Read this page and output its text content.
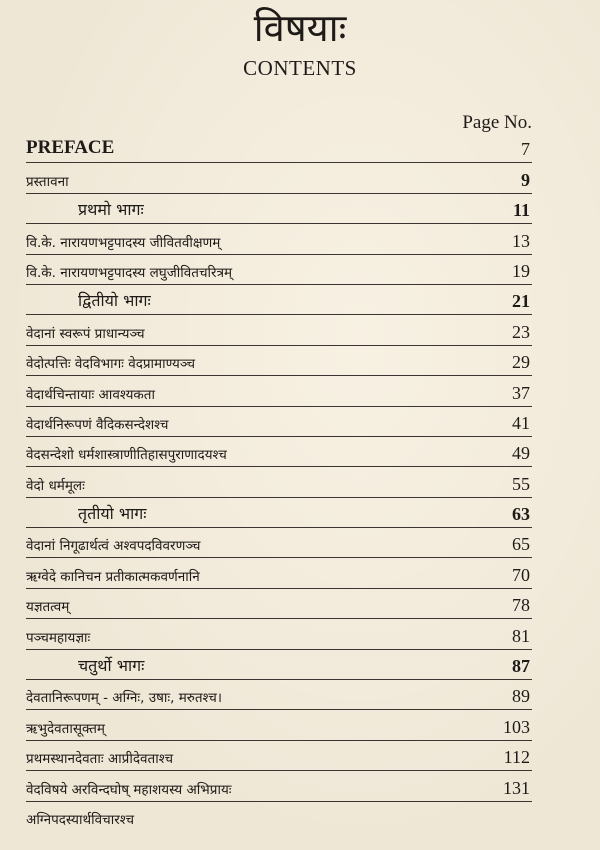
विषयाः
CONTENTS
Page No.
PREFACE	7
प्रस्तावना	9
प्रथमो भागः	11
वि.के. नारायणभट्टपादस्य जीवितवीक्षणम्	13
वि.के. नारायणभट्टपादस्य लघुजीवितचरित्रम्	19
द्वितीयो भागः	21
वेदानां स्वरूपं प्राधान्यञ्च	23
वेदोत्पत्तिः वेदविभागः वेदप्रामाण्यञ्च	29
वेदार्थचिन्तायाः आवश्यकता	37
वेदार्थनिरूपणं वैदिकसन्देशश्च	41
वेदसन्देशो धर्मशास्त्राणीतिहासपुराणादयश्च	49
वेदो धर्ममूलः	55
तृतीयो भागः	63
वेदानां निगूढार्थत्वं अश्वपदविवरणञ्च	65
ऋग्वेदे कानिचन प्रतीकात्मकवर्णनानि	70
यज्ञतत्वम्	78
पञ्चमहायज्ञाः	81
चतुर्थो भागः	87
देवतानिरूपणम् - अग्निः, उषाः, मरुतश्च।	89
ऋभुदेवतासूक्तम्	103
प्रथमस्थानदेवताः आप्रीदेवताश्च	112
वेदविषये अरविन्दघोष् महाशयस्य अभिप्रायः	131
अग्निपदस्यार्थविचारश्च
